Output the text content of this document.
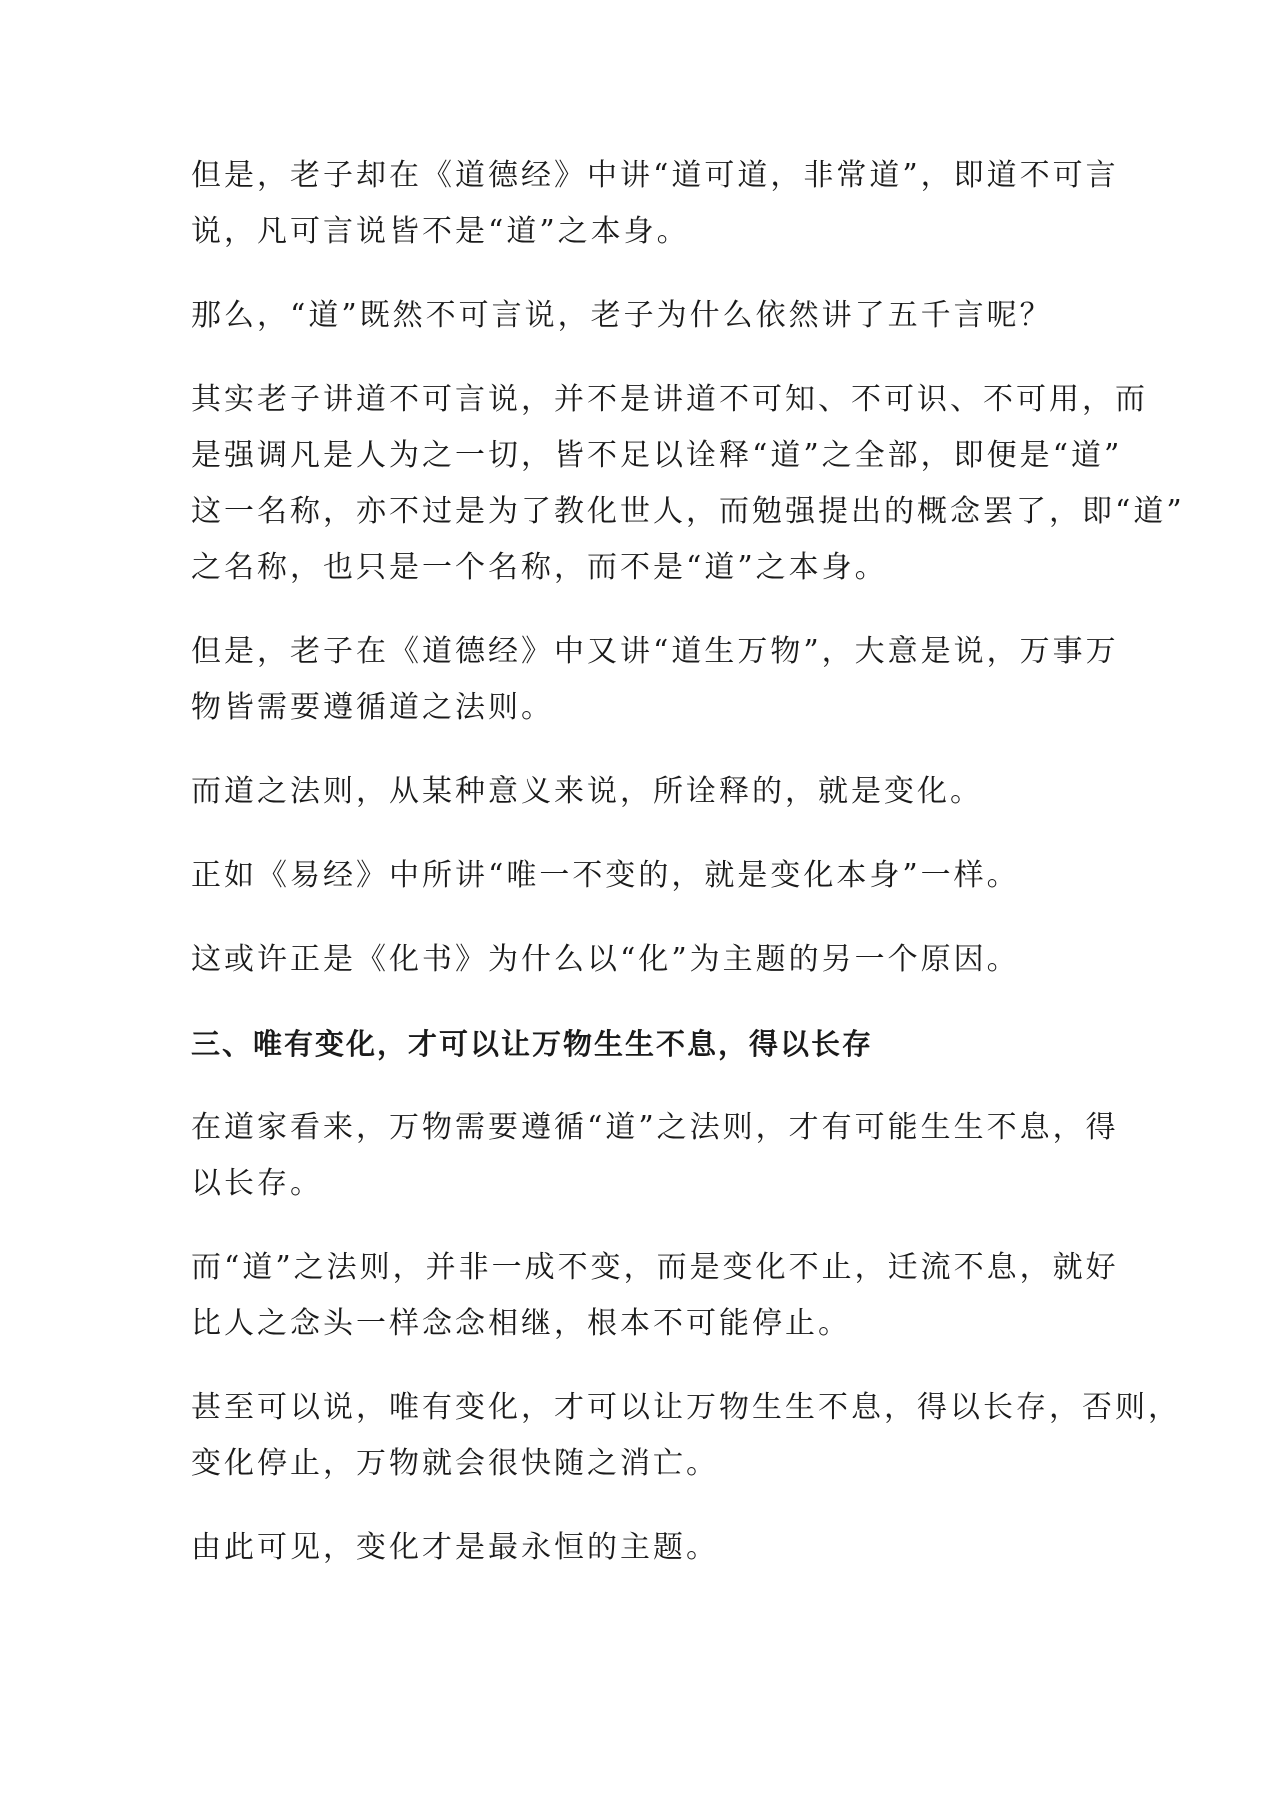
但是，老子却在《道德经》中讲“道可道，非常道”，即道不可言
说，凡可言说皆不是“道”之本身。

那么，“道”既然不可言说，老子为什么依然讲了五千言呢？

其实老子讲道不可言说，并不是讲道不可知、不可识、不可用，而
是强调凡是人为之一切，皆不足以诠释“道”之全部，即便是“道”
这一名称，亦不过是为了教化世人，而勉强提出的概念罢了，即“道”
之名称，也只是一个名称，而不是“道”之本身。

但是，老子在《道德经》中又讲“道生万物”，大意是说，万事万
物皆需要遵循道之法则。

而道之法则，从某种意义来说，所诠释的，就是变化。

正如《易经》中所讲“唯一不变的，就是变化本身”一样。

这或许正是《化书》为什么以“化”为主题的另一个原因。

三、唯有变化，才可以让万物生生不息，得以长存

在道家看来，万物需要遵循“道”之法则，才有可能生生不息，得
以长存。

而“道”之法则，并非一成不变，而是变化不止，迁流不息，就好
比人之念头一样念念相继，根本不可能停止。

甚至可以说，唯有变化，才可以让万物生生不息，得以长存，否则，
变化停止，万物就会很快随之消亡。

由此可见，变化才是最永恒的主题。
